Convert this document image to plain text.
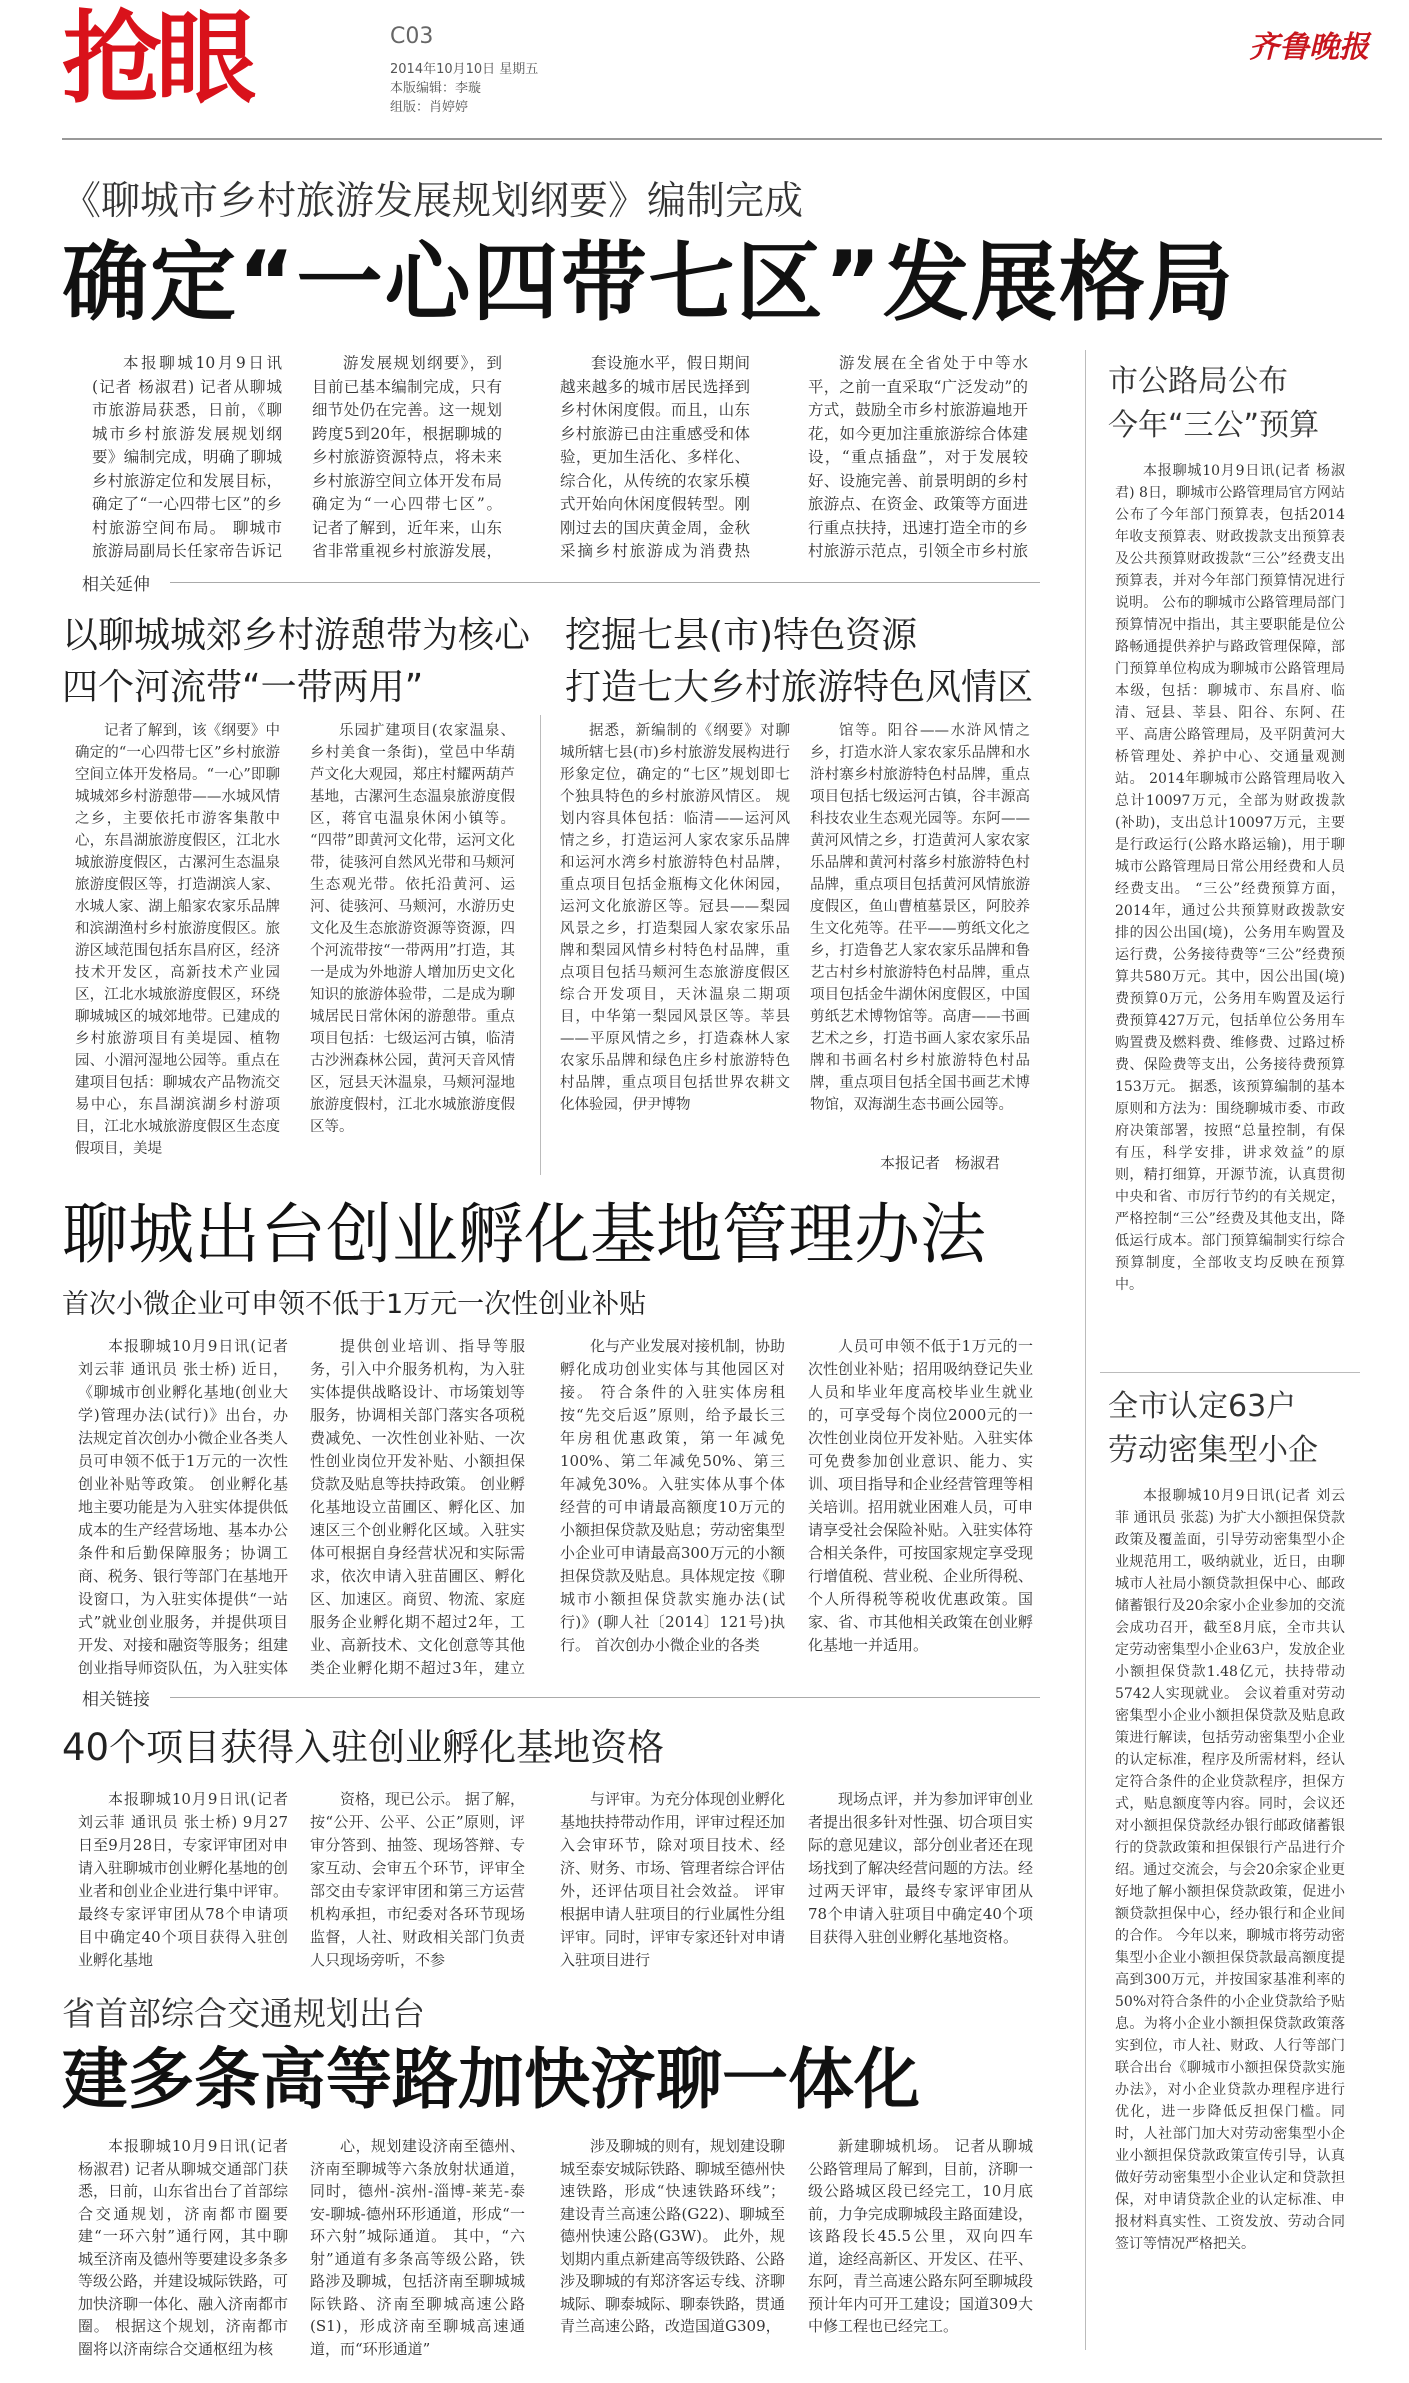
抢眼	C03
2014年10月10日 星期五
本版编辑：李璇
组版：肖婷婷
齐鲁晚报
《聊城市乡村旅游发展规划纲要》编制完成
确定“一心四带七区”发展格局

本报聊城10月9日讯(记者 杨淑君) 记者从聊城市旅游局获悉，日前，《聊城市乡村旅游发展规划纲要》编制完成，明确了聊城乡村旅游定位和发展目标，确定了“一心四带七区”的乡村旅游空间布局。 聊城市旅游局副局长任家帝告诉记

游发展规划纲要》，到目前已基本编制完成，只有细节处仍在完善。这一规划跨度5到20年，根据聊城的乡村旅游资源特点，将未来乡村旅游空间立体开发布局确定为“一心四带七区”。 记者了解到，近年来，山东省非常重视乡村旅游发展，

套设施水平，假日期间越来越多的城市居民选择到乡村休闲度假。而且，山东乡村旅游已由注重感受和体验，更加生活化、多样化、综合化，从传统的农家乐模式开始向休闲度假转型。刚刚过去的国庆黄金周，金秋采摘乡村旅游成为消费热

游发展在全省处于中等水平，之前一直采取“广泛发动”的方式，鼓励全市乡村旅游遍地开花，如今更加注重旅游综合体建设，“重点插盘”，对于发展较好、设施完善、前景明朗的乡村旅游点、在资金、政策等方面进行重点扶持，迅速打造全市的乡村旅游示范点，引领全市乡村旅

相关延伸
以聊城城郊乡村游憩带为核心
四个河流带“一带两用”
挖掘七县(市)特色资源
打造七大乡村旅游特色风情区

记者了解到，该《纲要》中确定的“一心四带七区”乡村旅游空间立体开发格局。“一心”即聊城城郊乡村游憩带——水城风情之乡，主要依托市游客集散中心，东昌湖旅游度假区，江北水城旅游度假区，古漯河生态温泉旅游度假区等，打造湖滨人家、水城人家、湖上船家农家乐品牌和滨湖渔村乡村旅游度假区。旅游区域范围包括东昌府区，经济技术开发区，高新技术产业园区，江北水城旅游度假区，环绕聊城城区的城郊地带。已建成的乡村旅游项目有美堤园、植物园、小湄河湿地公园等。重点在建项目包括：聊城农产品物流交易中心，东昌湖滨湖乡村游项目，江北水城旅游度假区生态度假项目，美堤

乐园扩建项目(农家温泉、乡村美食一条街)，堂邑中华葫芦文化大观园，郑庄村耀两葫芦基地，古漯河生态温泉旅游度假区，蒋官屯温泉休闲小镇等。 “四带”即黄河文化带，运河文化带，徒骇河自然风光带和马颊河生态观光带。依托沿黄河、运河、徒骇河、马颊河，水游历史文化及生态旅游资源等资源，四个河流带按“一带两用”打造，其一是成为外地游人增加历史文化知识的旅游体验带，二是成为聊城居民日常休闲的游憩带。重点项目包括：七级运河古镇，临清古沙洲森林公园，黄河天音风情区，冠县天沐温泉，马颊河湿地旅游度假村，江北水城旅游度假区等。

据悉，新编制的《纲要》对聊城所辖七县(市)乡村旅游发展构进行形象定位，确定的“七区”规划即七个独具特色的乡村旅游风情区。 规划内容具体包括：临清——运河风情之乡，打造运河人家农家乐品牌和运河水湾乡村旅游特色村品牌，重点项目包括金瓶梅文化休闲园，运河文化旅游区等。冠县——梨园风景之乡，打造梨园人家农家乐品牌和梨园风情乡村特色村品牌，重点项目包括马颊河生态旅游度假区综合开发项目，天沐温泉二期项目，中华第一梨园风景区等。莘县——平原风情之乡，打造森林人家农家乐品牌和绿色庄乡村旅游特色村品牌，重点项目包括世界农耕文化体验园，伊尹博物

馆等。阳谷——水浒风情之乡，打造水浒人家农家乐品牌和水浒村寨乡村旅游特色村品牌，重点项目包括七级运河古镇，谷丰源高科技农业生态观光园等。东阿——黄河风情之乡，打造黄河人家农家乐品牌和黄河村落乡村旅游特色村品牌，重点项目包括黄河风情旅游度假区，鱼山曹植墓景区，阿胶养生文化苑等。茌平——剪纸文化之乡，打造鲁艺人家农家乐品牌和鲁艺古村乡村旅游特色村品牌，重点项目包括金牛湖休闲度假区，中国剪纸艺术博物馆等。高唐——书画艺术之乡，打造书画人家农家乐品牌和书画名村乡村旅游特色村品牌，重点项目包括全国书画艺术博物馆，双海湖生态书画公园等。

本报记者　杨淑君
市公路局公布
今年“三公”预算

本报聊城10月9日讯(记者 杨淑君) 8日，聊城市公路管理局官方网站公布了今年部门预算表，包括2014年收支预算表、财政拨款支出预算表及公共预算财政拨款“三公”经费支出预算表，并对今年部门预算情况进行说明。 公布的聊城市公路管理局部门预算情况中指出，其主要职能是位公路畅通提供养护与路政管理保障，部门预算单位构成为聊城市公路管理局本级，包括：聊城市、东昌府、临清、冠县、莘县、阳谷、东阿、茌平、高唐公路管理局，及平阴黄河大桥管理处、养护中心、交通量观测站。 2014年聊城市公路管理局收入总计10097万元，全部为财政拨款(补助)，支出总计10097万元，主要是行政运行(公路水路运输)，用于聊城市公路管理局日常公用经费和人员经费支出。 “三公”经费预算方面，2014年，通过公共预算财政拨款安排的因公出国(境)，公务用车购置及运行费，公务接待费等“三公”经费预算共580万元。其中，因公出国(境)费预算0万元，公务用车购置及运行费预算427万元，包括单位公务用车购置费及燃料费、维修费、过路过桥费、保险费等支出，公务接待费预算153万元。 据悉，该预算编制的基本原则和方法为：围绕聊城市委、市政府决策部署，按照“总量控制，有保有压，科学安排，讲求效益”的原则，精打细算，开源节流，认真贯彻中央和省、市厉行节约的有关规定，严格控制“三公”经费及其他支出，降低运行成本。部门预算编制实行综合预算制度，全部收支均反映在预算中。

全市认定63户
劳动密集型小企

本报聊城10月9日讯(记者 刘云菲 通讯员 张蕊) 为扩大小额担保贷款政策及覆盖面，引导劳动密集型小企业规范用工，吸纳就业，近日，由聊城市人社局小额贷款担保中心、邮政储蓄银行及20余家小企业参加的交流会成功召开，截至8月底，全市共认定劳动密集型小企业63户，发放企业小额担保贷款1.48亿元，扶持带动5742人实现就业。 会议着重对劳动密集型小企业小额担保贷款及贴息政策进行解读，包括劳动密集型小企业的认定标准，程序及所需材料，经认定符合条件的企业贷款程序，担保方式，贴息额度等内容。同时，会议还对小额担保贷款经办银行邮政储蓄银行的贷款政策和担保银行产品进行介绍。通过交流会，与会20余家企业更好地了解小额担保贷款政策，促进小额贷款担保中心，经办银行和企业间的合作。 今年以来，聊城市将劳动密集型小企业小额担保贷款最高额度提高到300万元，并按国家基准利率的50%对符合条件的小企业贷款给予贴息。为将小企业小额担保贷款政策落实到位，市人社、财政、人行等部门联合出台《聊城市小额担保贷款实施办法》，对小企业贷款办理程序进行优化，进一步降低反担保门槛。同时，人社部门加大对劳动密集型小企业小额担保贷款政策宣传引导，认真做好劳动密集型小企业认定和贷款担保，对申请贷款企业的认定标准、申报材料真实性、工资发放、劳动合同签订等情况严格把关。

聊城出台创业孵化基地管理办法
首次小微企业可申领不低于1万元一次性创业补贴

本报聊城10月9日讯(记者 刘云菲 通讯员 张士桥) 近日，《聊城市创业孵化基地(创业大学)管理办法(试行)》出台，办法规定首次创办小微企业各类人员可申领不低于1万元的一次性创业补贴等政策。 创业孵化基地主要功能是为入驻实体提供低成本的生产经营场地、基本办公条件和后勤保障服务；协调工商、税务、银行等部门在基地开设窗口，为入驻实体提供“一站式”就业创业服务，并提供项目开发、对接和融资等服务；组建创业指导师资队伍，为入驻实体

提供创业培训、指导等服务，引入中介服务机构，为入驻实体提供战略设计、市场策划等服务，协调相关部门落实各项税费减免、一次性创业补贴、一次性创业岗位开发补贴、小额担保贷款及贴息等扶持政策。 创业孵化基地设立苗圃区、孵化区、加速区三个创业孵化区域。入驻实体可根据自身经营状况和实际需求，依次申请入驻苗圃区、孵化区、加速区。商贸、物流、家庭服务企业孵化期不超过2年，工业、高新技术、文化创意等其他类企业孵化期不超过3年，建立

化与产业发展对接机制，协助孵化成功创业实体与其他园区对接。 符合条件的入驻实体房租按“先交后返”原则，给予最长三年房租优惠政策，第一年减免100%、第二年减免50%、第三年减免30%。入驻实体从事个体经营的可申请最高额度10万元的小额担保贷款及贴息；劳动密集型小企业可申请最高300万元的小额担保贷款及贴息。具体规定按《聊城市小额担保贷款实施办法(试行)》(聊人社〔2014〕121号)执行。 首次创办小微企业的各类

人员可申领不低于1万元的一次性创业补贴；招用吸纳登记失业人员和毕业年度高校毕业生就业的，可享受每个岗位2000元的一次性创业岗位开发补贴。入驻实体可免费参加创业意识、能力、实训、项目指导和企业经营管理等相关培训。招用就业困难人员，可申请享受社会保险补贴。入驻实体符合相关条件，可按国家规定享受现行增值税、营业税、企业所得税、个人所得税等税收优惠政策。国家、省、市其他相关政策在创业孵化基地一并适用。

相关链接
40个项目获得入驻创业孵化基地资格

本报聊城10月9日讯(记者 刘云菲 通讯员 张士桥) 9月27日至9月28日，专家评审团对申请入驻聊城市创业孵化基地的创业者和创业企业进行集中评审。最终专家评审团从78个申请项目中确定40个项目获得入驻创业孵化基地

资格，现已公示。 据了解，按“公开、公平、公正”原则，评审分答到、抽签、现场答辩、专家互动、会审五个环节，评审全部交由专家评审团和第三方运营机构承担，市纪委对各环节现场监督，人社、财政相关部门负责人只现场旁听，不参

与评审。为充分体现创业孵化基地扶持带动作用，评审过程还加入会审环节，除对项目技术、经济、财务、市场、管理者综合评估外，还评估项目社会效益。 评审根据申请人驻项目的行业属性分组评审。同时，评审专家还针对申请入驻项目进行

现场点评，并为参加评审创业者提出很多针对性强、切合项目实际的意见建议，部分创业者还在现场找到了解决经营问题的方法。经过两天评审，最终专家评审团从78个申请入驻项目中确定40个项目获得入驻创业孵化基地资格。

省首部综合交通规划出台
建多条高等路加快济聊一体化

本报聊城10月9日讯(记者 杨淑君) 记者从聊城交通部门获悉，日前，山东省出台了首部综合交通规划，济南都市圈要建“一环六射”通行网，其中聊城至济南及德州等要建设多条多等级公路，并建设城际铁路，可加快济聊一体化、融入济南都市圈。 根据这个规划，济南都市圈将以济南综合交通枢纽为核

心，规划建设济南至德州、济南至聊城等六条放射状通道，同时，德州-滨州-淄博-莱芜-泰安-聊城-德州环形通道，形成“一环六射”城际通道。 其中，“六射”通道有多条高等级公路，铁路涉及聊城，包括济南至聊城城际铁路、济南至聊城高速公路(S1)，形成济南至聊城高速通道，而“环形通道”

涉及聊城的则有，规划建设聊城至泰安城际铁路、聊城至德州快速铁路，形成“快速铁路环线”；建设青兰高速公路(G22)、聊城至德州快速公路(G3W)。 此外，规划期内重点新建高等级铁路、公路涉及聊城的有郑济客运专线、济聊城际、聊泰城际、聊泰铁路，贯通青兰高速公路，改造国道G309，

新建聊城机场。 记者从聊城公路管理局了解到，目前，济聊一级公路城区段已经完工，10月底前，力争完成聊城段主路面建设，该路段长45.5公里，双向四车道，途经高新区、开发区、茌平、东阿，青兰高速公路东阿至聊城段预计年内可开工建设；国道309大中修工程也已经完工。
